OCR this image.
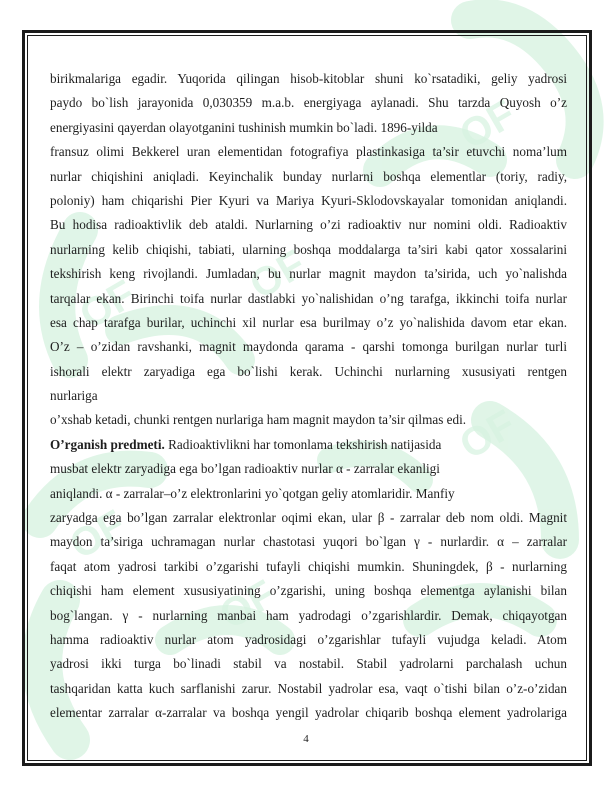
OF
OF OF
OF
OF
OF
birikmalariga egadir. Yuqorida qilingan hisob-kitoblar shuni ko`rsatadiki, geliy yadrosi
paydo bo`lish jarayonida 0,030359 m.a.b. energiyaga aylanadi. Shu tarzda Quyosh o’z
energiyasini qayerdan olayotganini tushinish mumkin bo`ladi. 1896-yilda
fransuz olimi Bekkerel uran elementidan fotografiya plastinkasiga ta’sir etuvchi noma’lum
nurlar chiqishini aniqladi. Keyinchalik bunday nurlarni boshqa elementlar (toriy, radiy,
poloniy) ham chiqarishi Pier Kyuri va Mariya Kyuri-Sklodovskayalar tomonidan aniqlandi.
Bu hodisa radioaktivlik deb ataldi. Nurlarning o’zi radioaktiv nur nomini oldi. Radioaktiv
nurlarning kelib chiqishi, tabiati, ularning boshqa moddalarga ta’siri kabi qator xossalarini
tekshirish keng rivojlandi. Jumladan, bu nurlar magnit maydon ta’sirida, uch yo`nalishda
tarqalar ekan. Birinchi toifa nurlar dastlabki yo`nalishidan o’ng tarafga, ikkinchi toifa nurlar
esa chap tarafga burilar, uchinchi xil nurlar esa burilmay o’z yo`nalishida davom etar ekan.
O’z – o’zidan ravshanki, magnit maydonda qarama - qarshi tomonga burilgan nurlar turli
ishorali elektr zaryadiga ega bo`lishi kerak. Uchinchi nurlarning xususiyati rentgen
nurlariga
o’xshab ketadi, chunki rentgen nurlariga ham magnit maydon ta’sir qilmas edi.
O’rganish predmeti. Radioaktivlikni har tomonlama tekshirish natijasida
musbat elektr zaryadiga ega bo’lgan radioaktiv nurlar α - zarralar ekanligi
aniqlandi. α - zarralar–o’z elektronlarini yo`qotgan geliy atomlaridir. Manfiy
zaryadga ega bo’lgan zarralar elektronlar oqimi ekan, ular β - zarralar deb nom oldi. Magnit
maydon ta’siriga uchramagan nurlar chastotasi yuqori bo`lgan γ - nurlardir. α – zarralar
faqat atom yadrosi tarkibi o’zgarishi tufayli chiqishi mumkin. Shuningdek, β - nurlarning
chiqishi ham element xususiyatining o’zgarishi, uning boshqa elementga aylanishi bilan
bog`langan. γ - nurlarning manbai ham yadrodagi o’zgarishlardir. Demak, chiqayotgan
hamma radioaktiv nurlar atom yadrosidagi o’zgarishlar tufayli vujudga keladi. Atom
yadrosi ikki turga bo`linadi stabil va nostabil. Stabil yadrolarni parchalash uchun
tashqaridan katta kuch sarflanishi zarur. Nostabil yadrolar esa, vaqt o`tishi bilan o’z-o’zidan
elementar zarralar α-zarralar va boshqa yengil yadrolar chiqarib boshqa element yadrolariga
4
